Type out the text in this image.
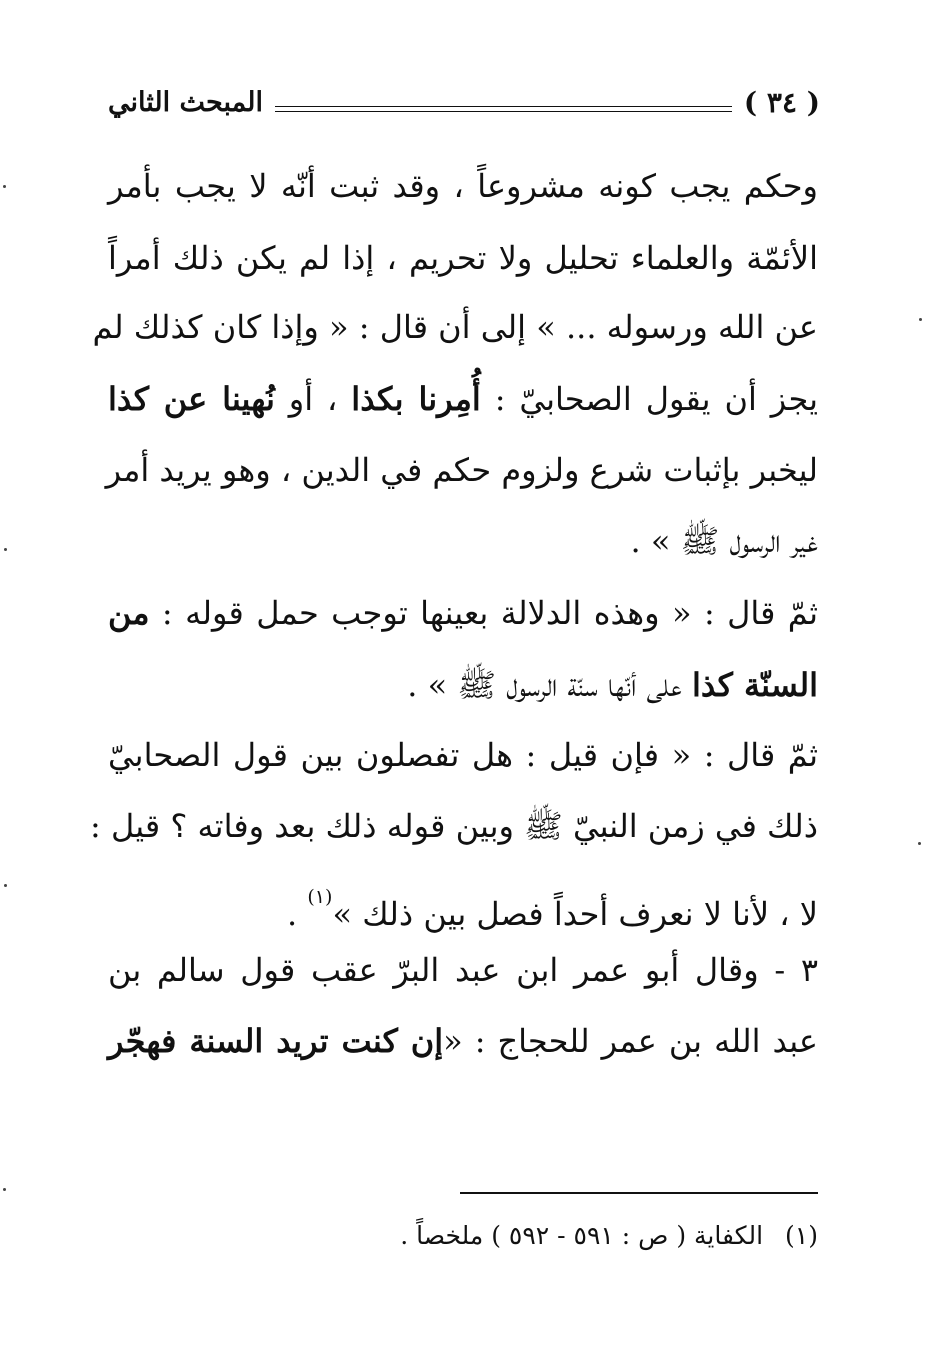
المبحث الثاني	( ٣٤ )
وحكم يجب كونه مشروعاً ، وقد ثبت أنّه لا يجب بأمر
الأئمّة والعلماء تحليل ولا تحريم ، إذا لم يكن ذلك أمراً
عن الله ورسوله ... » إلى أن قال : « وإذا كان كذلك لم
يجز أن يقول الصحابيّ : أُمِرنا بكذا ، أو نُهينا عن كذا
ليخبر بإثبات شرع ولزوم حكم في الدين ، وهو يريد أمر
غير الرسول ﷺ » .
ثمّ قال : « وهذه الدلالة بعينها توجب حمل قوله : من
السنّة كذا على أنّها سنّة الرسول ﷺ » .
ثمّ قال : « فإن قيل : هل تفصلون بين قول الصحابيّ
ذلك في زمن النبيّ ﷺ وبين قوله ذلك بعد وفاته ؟ قيل :
لا ، لأنا لا نعرف أحداً فصل بين ذلك »$^{(١)}$ .
٣ - وقال أبو عمر ابن عبد البرّ عقب قول سالم بن
عبد الله بن عمر للحجاج : «إن كنت تريد السنة فهجّر
(١)الكفاية ( ص : ٥٩١ - ٥٩٢ ) ملخصاً .
